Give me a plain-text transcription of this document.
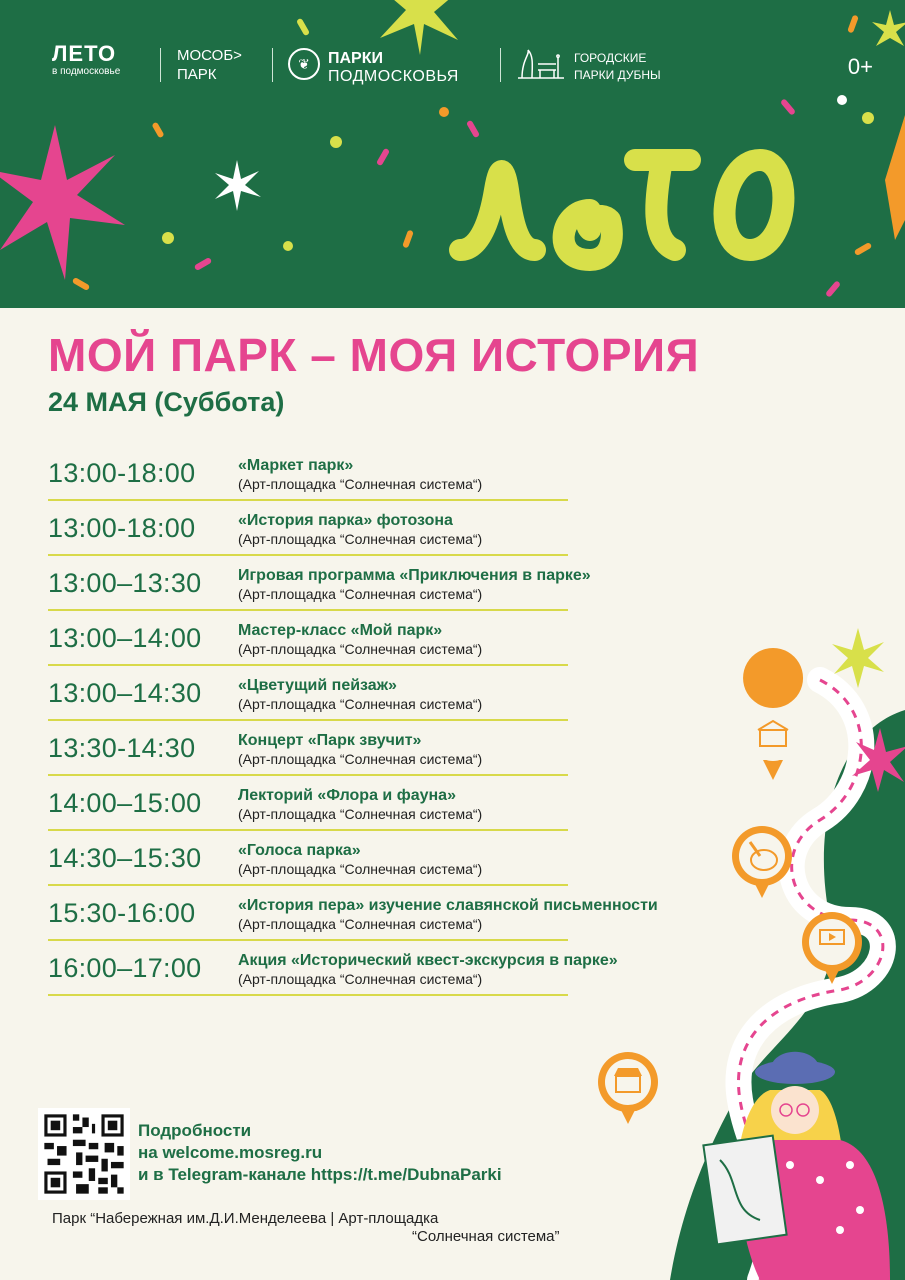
лето
ЛЕТО
в подмосковье
МОСОБ>
ПАРК
❦	ПАРКИ
ПОДМОСКОВЬЯ
ГОРОДСКИЕ
ПАРКИ ДУБНЫ	0+
МОЙ ПАРК – МОЯ ИСТОРИЯ
24 МАЯ (Суббота)
13:00-18:00	«Маркет парк»
(Арт-площадка “Солнечная система“)
13:00-18:00	«История парка» фотозона
(Арт-площадка “Солнечная система“)
13:00–13:30 Игровая программа «Приключения в парке»
(Арт-площадка “Солнечная система“)
13:00–14:00 Мастер-класс «Мой парк»
(Арт-площадка “Солнечная система“)
13:00–14:30 «Цветущий пейзаж»
(Арт-площадка “Солнечная система“)
13:30-14:30	Концерт «Парк звучит»
(Арт-площадка “Солнечная система“)
14:00–15:00 Лекторий «Флора и фауна»
(Арт-площадка “Солнечная система“)
14:30–15:30 «Голоса парка»
(Арт-площадка “Солнечная система“)
15:30-16:00	«История пера» изучение славянской письменности
(Арт-площадка “Солнечная система“)
16:00–17:00 Акция «Исторический квест-экскурсия в парке»
(Арт-площадка “Солнечная система“)
Подробности
на welcome.mosreg.ru
и в Telegram-канале https://t.me/DubnaParki
Парк “Набережная им.Д.И.Менделеева | Арт-площадка
“Солнечная система”
